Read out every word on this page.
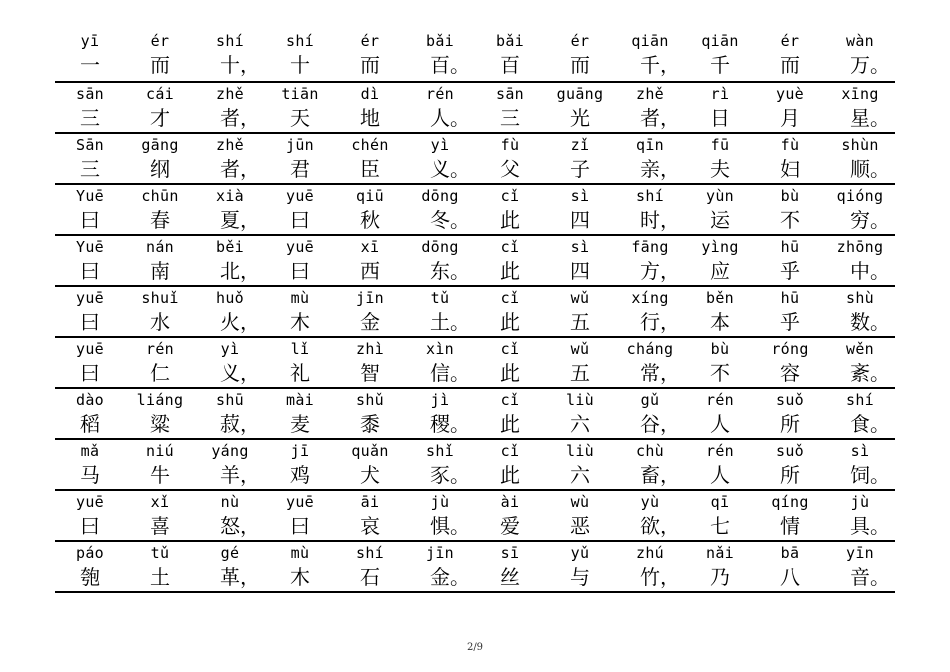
yī
一
ér
而
shí
十，
shí
十
ér
而
bǎi
百。
bǎi
百
ér
而
qiān
千，
qiān
千
ér
而
wàn
万。
sān
三
cái
才
zhě
者，
tiān
天
dì
地
rén
人。
sān
三
guāng
光
zhě
者，
rì
日
yuè
月
xīng
星。
Sān
三
gāng
纲
zhě
者，
jūn
君
chén
臣
yì
义。
fù
父
zǐ
子
qīn
亲，
fū
夫
fù
妇
shùn
顺。
Yuē
曰
chūn
春
xià
夏，
yuē
曰
qiū
秋
dōng
冬。
cǐ
此
sì
四
shí
时，
yùn
运
bù
不
qióng
穷。
Yuē
曰
nán
南
běi
北，
yuē
曰
xī
西
dōng
东。
cǐ
此
sì
四
fāng
方，
yìng
应
hū
乎
zhōng
中。
yuē
曰
shuǐ
水
huǒ
火，
mù
木
jīn
金
tǔ
土。
cǐ
此
wǔ
五
xíng
行，
běn
本
hū
乎
shù
数。
yuē
曰
rén
仁
yì
义，
lǐ
礼
zhì
智
xìn
信。
cǐ
此
wǔ
五
cháng
常，
bù
不
róng
容
wěn
紊。
dào
稻
liáng
粱
shū
菽，
mài
麦
shǔ
黍
jì
稷。
cǐ
此
liù
六
gǔ
谷，
rén
人
suǒ
所
shí
食。
mǎ
马
niú
牛
yáng
羊，
jī
鸡
quǎn
犬
shǐ
豕。
cǐ
此
liù
六
chù
畜，
rén
人
suǒ
所
sì
饲。
yuē
曰
xǐ
喜
nù
怒，
yuē
曰
āi
哀
jù
惧。
ài
爱
wù
恶
yù
欲，
qī
七
qíng
情
jù
具。
páo
匏
tǔ
土
gé
革，
mù
木
shí
石
jīn
金。
sī
丝
yǔ
与
zhú
竹，
nǎi
乃
bā
八
yīn
音。
2/9
